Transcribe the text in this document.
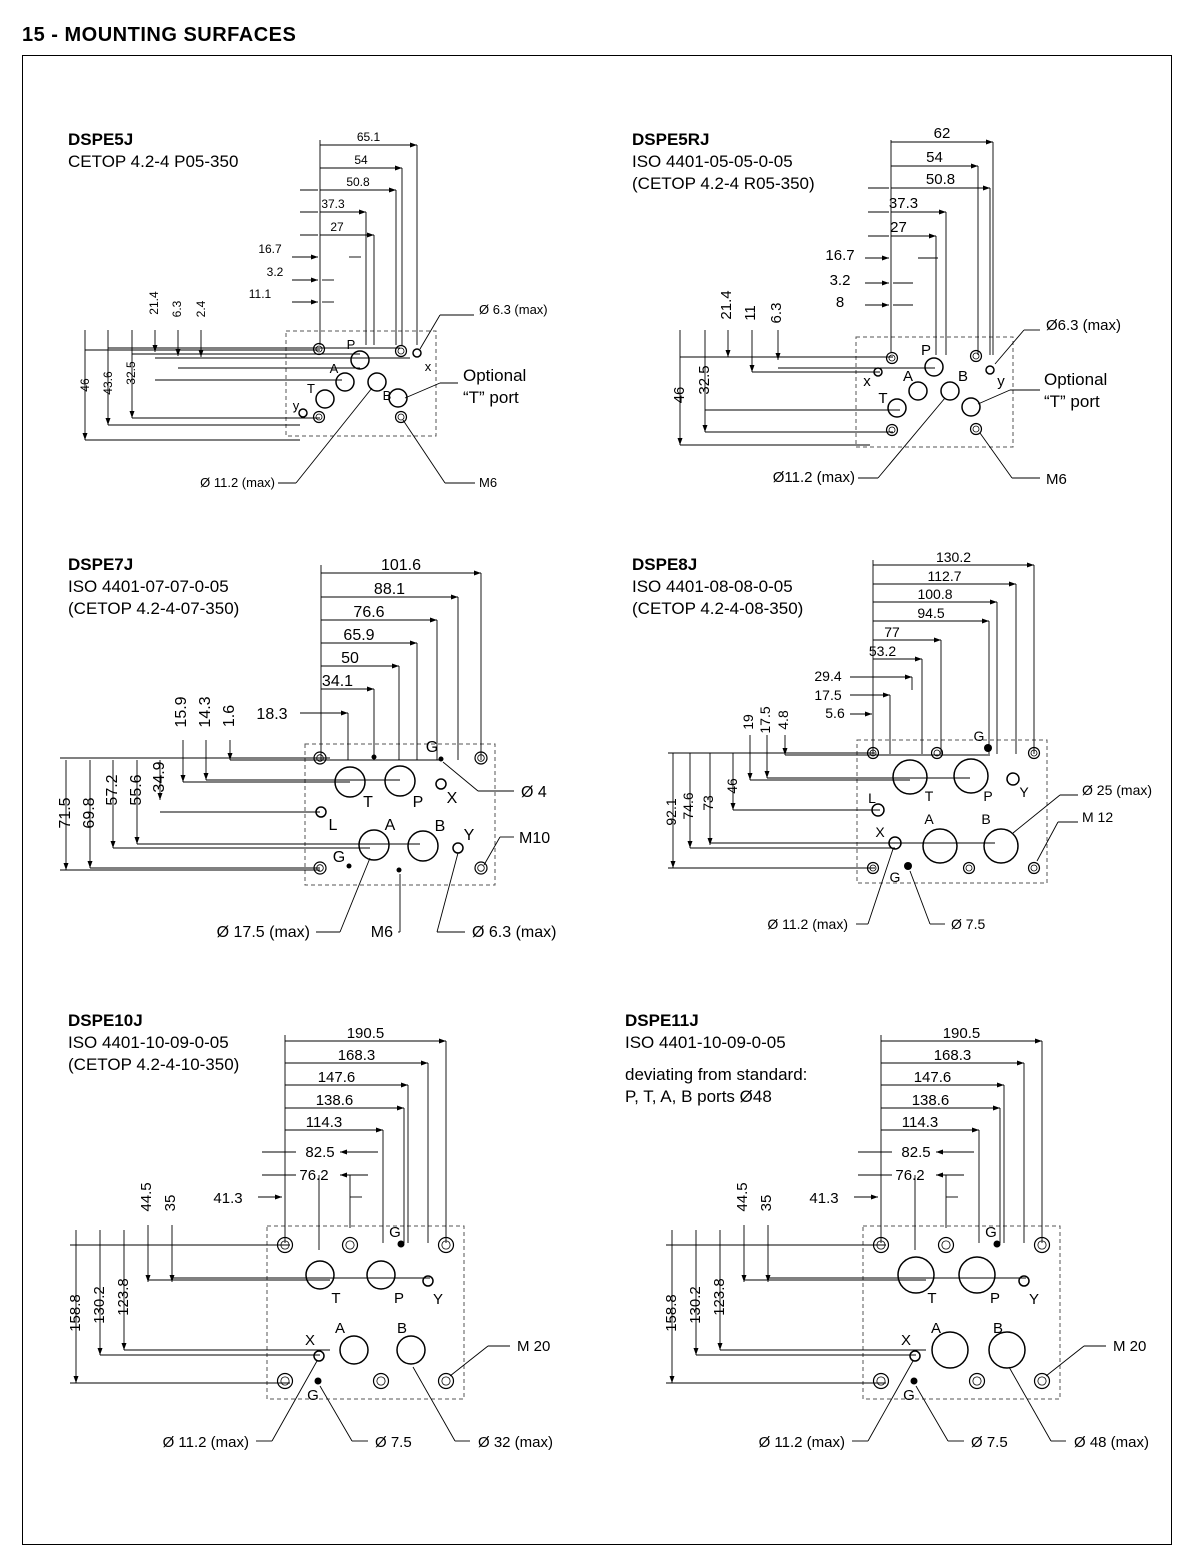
15 - MOUNTING SURFACES
DSPE5J
CETOP 4.2-4 P05-350
DSPE5RJ
ISO 4401-05-05-0-05
(CETOP 4.2-4 R05-350)
DSPE7J
ISO 4401-07-07-0-05
(CETOP 4.2-4-07-350)
DSPE8J
ISO 4401-08-08-0-05
(CETOP 4.2-4-08-350)
DSPE10J
ISO 4401-10-09-0-05
(CETOP 4.2-4-10-350)
DSPE11J
ISO 4401-10-09-0-05
deviating from standard:
P, T, A, B ports Ø48
65.1
54
50.8
37.3
27
16.7
3.2
11.1
46 43.6 32.5
21.4 6.3 2.4
P
A
B
T
x
y
Ø 6.3 (max)
Optional
“T” port
Ø 11.2 (max)	M6
62
54
50.8
37.3
27
16.7
3.2
8
46
32.5
21.4 11 6.3
P
A	B
T
x	y
Ø6.3 (max)
Optional
“T” port
Ø11.2 (max)	M6
101.6
88.1
76.6
65.9
50
34.1
18.3
71.5 69.8
57.2 55.6 34.9
15.9 14.3 1.6
T P
A B
L
X
Y
G
G
Ø 4
M10
Ø 17.5 (max)	M6	Ø 6.3 (max)
130.2
112.7
100.8
94.5
77
53.2
29.4
17.5
5.6
92.1 74.6 73
46
19 17.5 4.8
T	P
A	B
L
X
Y
G
G
Ø 25 (max)
M 12
Ø 11.2 (max)	Ø 7.5
190.5
168.3
147.6
138.6
114.3
82.5
76.2
41.3
158.8 130.2 123.8
44.5 35
T	P
A	B
X
Y
G
G
M 20
Ø 11.2 (max)	Ø 7.5	Ø 32 (max)
190.5
168.3
147.6
138.6
114.3
82.5
76.2
41.3
158.8 130.2 123.8
44.5 35
T	P
A	B
X
Y
G
G
M 20
Ø 11.2 (max)	Ø 7.5	Ø 48 (max)
